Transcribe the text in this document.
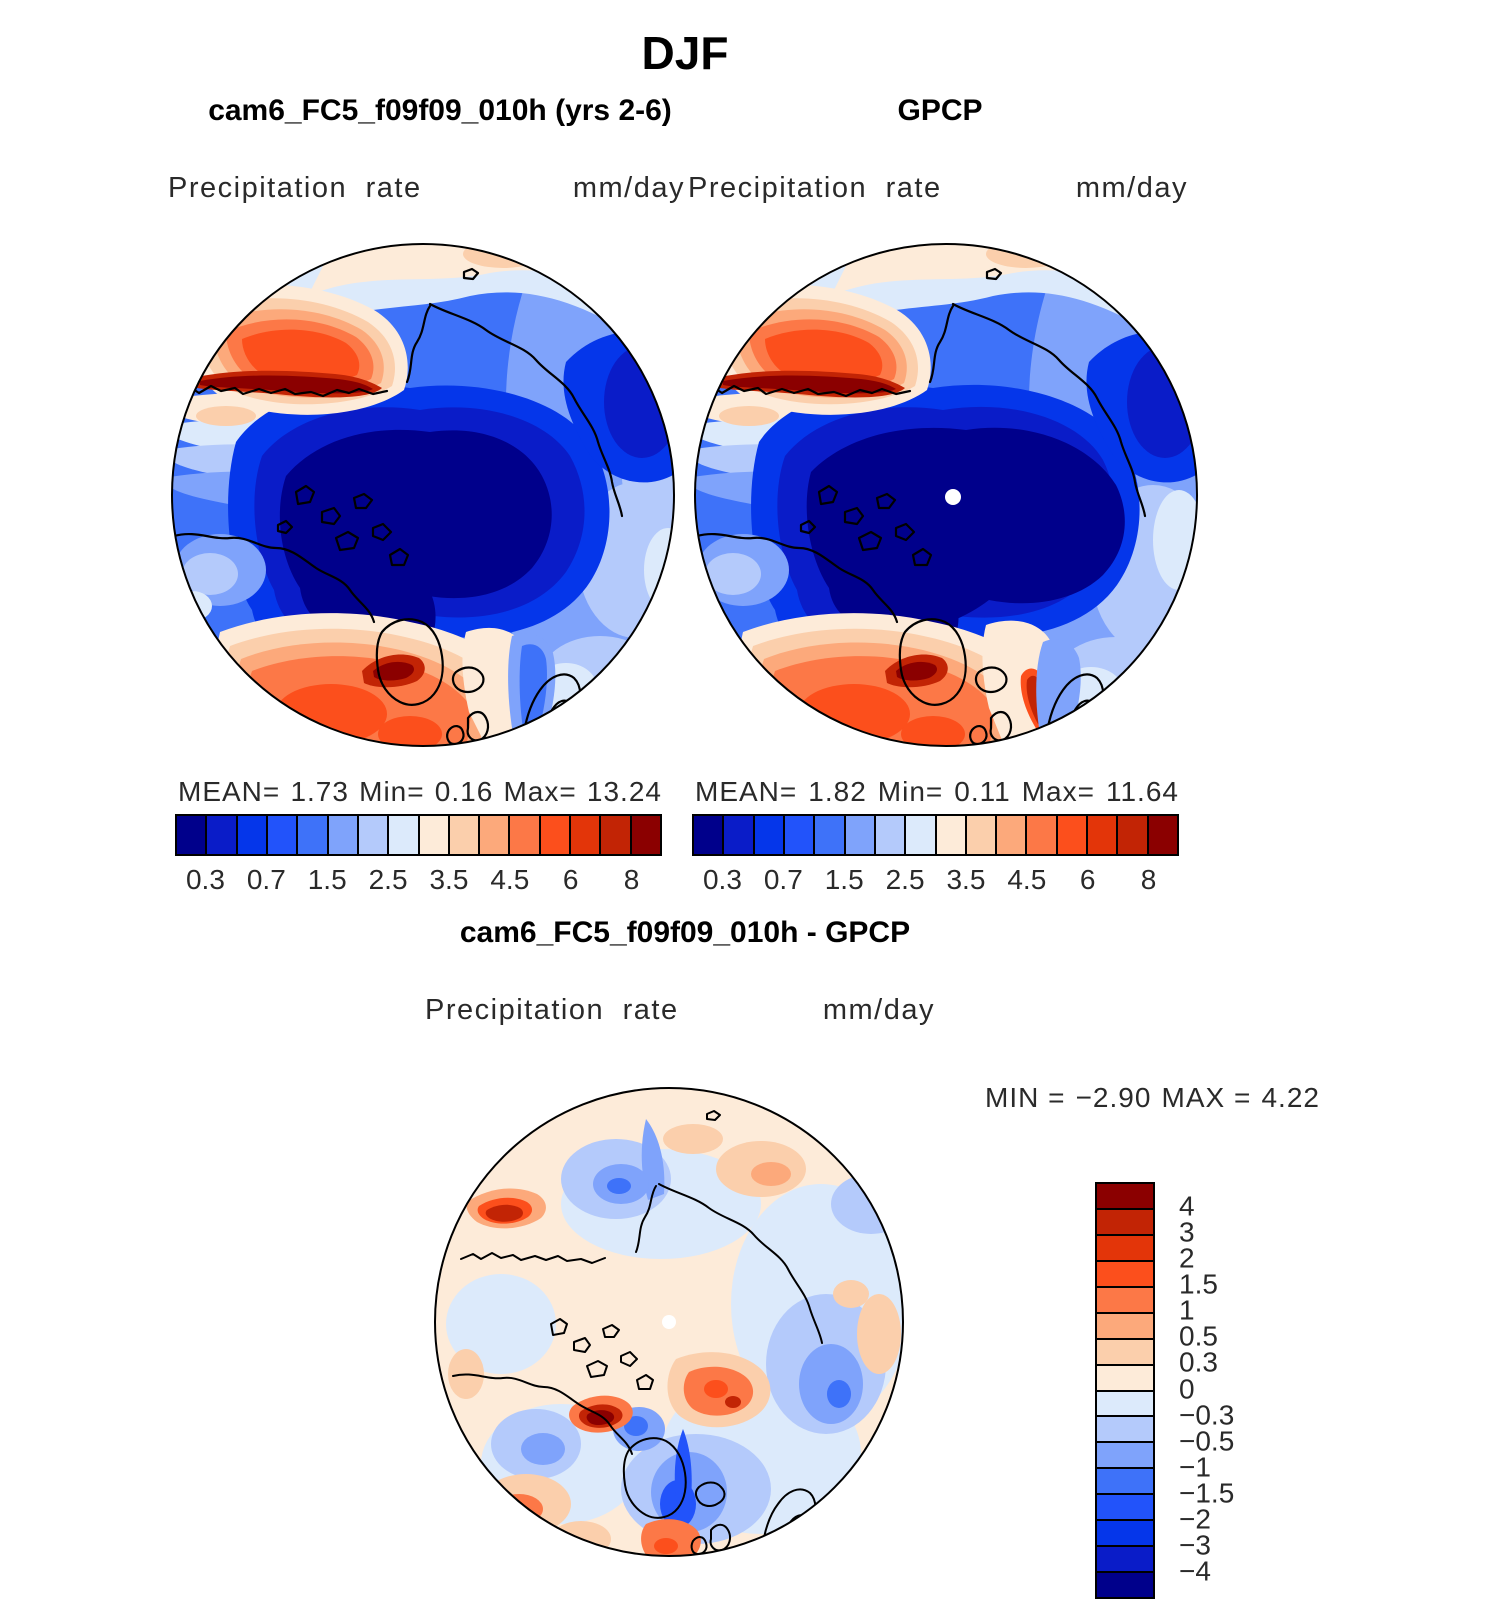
DJF
cam6_FC5_f09f09_010h (yrs 2-6)	GPCP
Precipitation rate	mm/day Precipitation rate	mm/day
MEAN= 1.73 Min= 0.16 Max= 13.24 MEAN= 1.82 Min= 0.11 Max= 11.64
0.3 0.7 1.5 2.5 3.5 4.5 6 8 0.3 0.7 1.5 2.5 3.5 4.5 6 8
cam6_FC5_f09f09_010h - GPCP
Precipitation rate	mm/day
MIN = −2.90 MAX = 4.22
4
3
2
1.5
1
0.5
0.3
0
−0.3
−0.5
−1
−1.5
−2
−3
−4
